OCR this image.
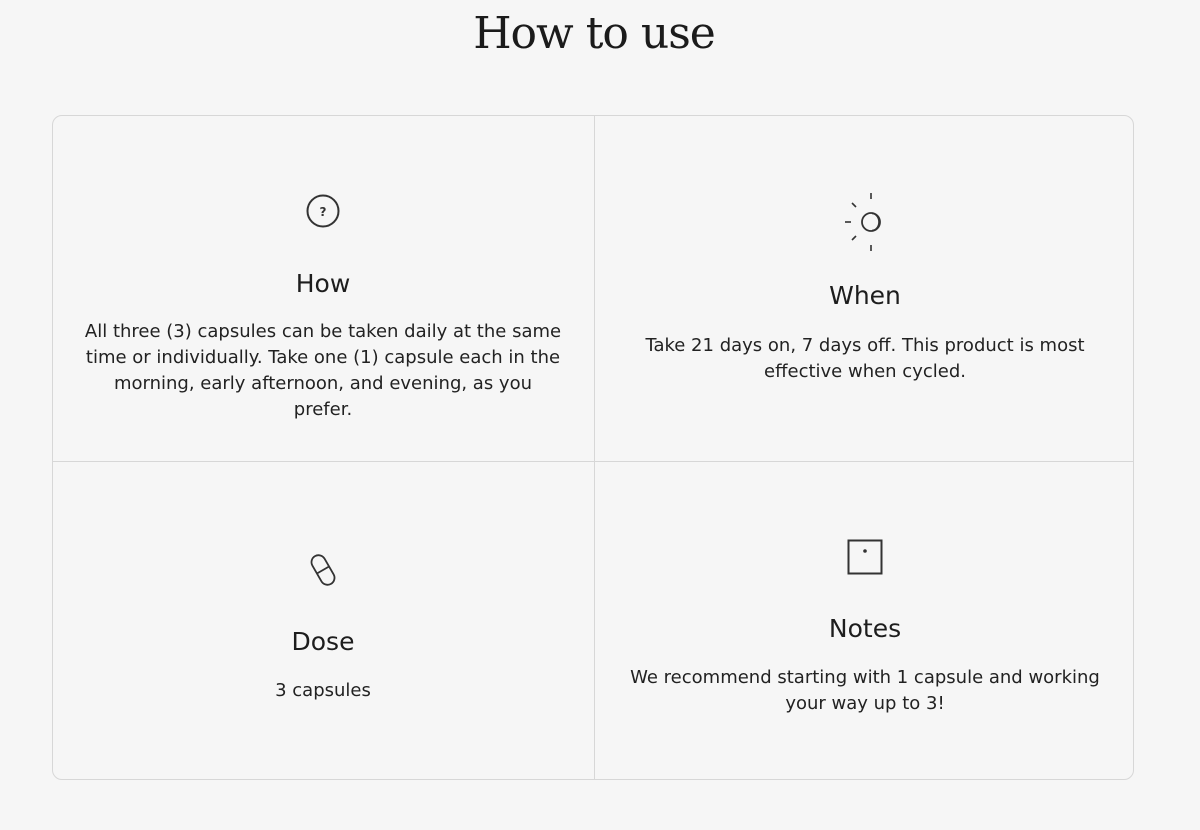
How to use
?
How

All three (3) capsules can be taken daily at the same time or individually. Take one (1) capsule each in the morning, early afternoon, and evening, as you prefer.

When

Take 21 days on, 7 days off. This product is most effective when cycled.

Dose

3 capsules

Notes

We recommend starting with 1 capsule and working your way up to 3!
